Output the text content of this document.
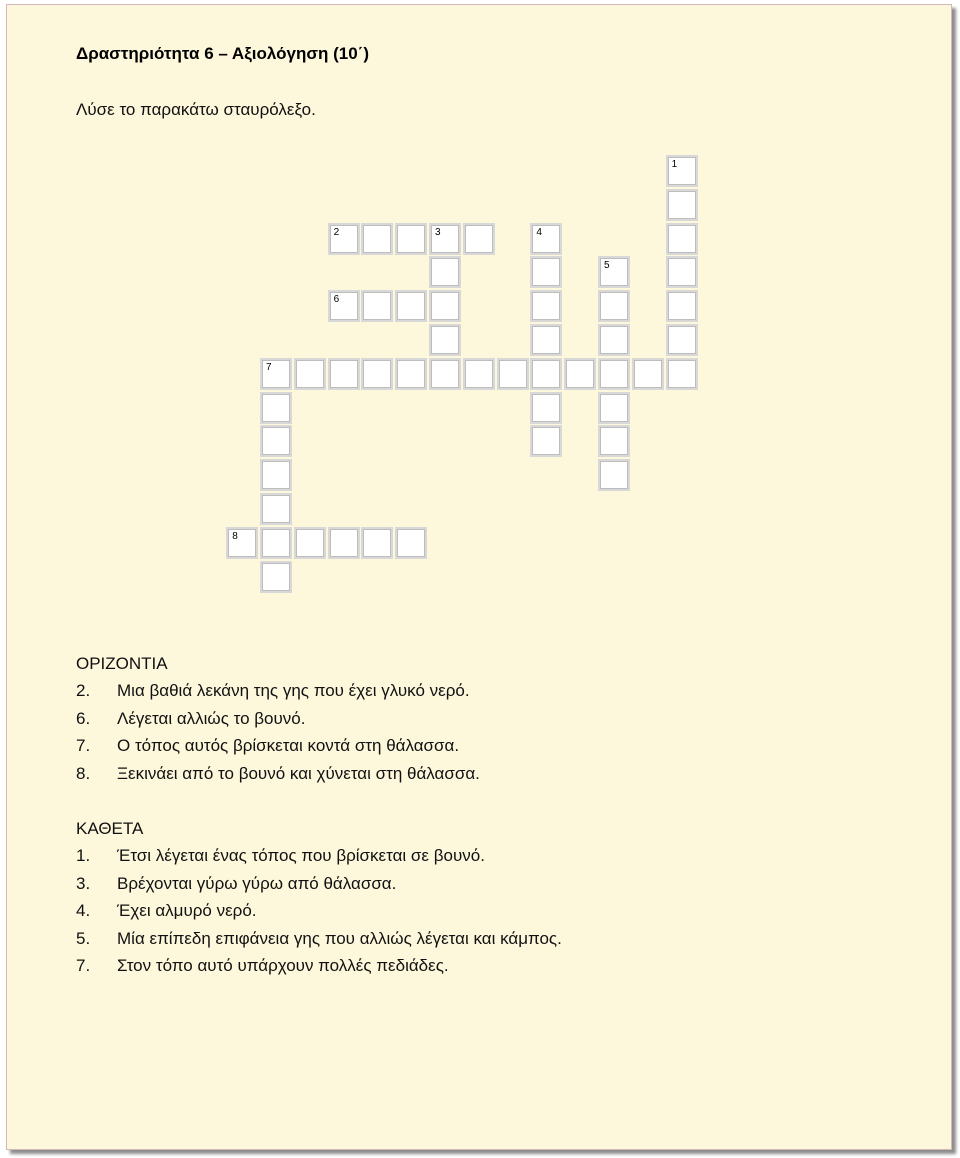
Δραστηριότητα 6 – Αξιολόγηση (10΄)
Λύσε το παρακάτω σταυρόλεξο.
1
2	3	4
5
6
7
8
ΟΡΙΖΟΝΤΙΑ
2. Μια βαθιά λεκάνη της γης που έχει γλυκό νερό.
6. Λέγεται αλλιώς το βουνό.
7. Ο τόπος αυτός βρίσκεται κοντά στη θάλασσα.
8. Ξεκινάει από το βουνό και χύνεται στη θάλασσα.
ΚΑΘΕΤΑ
1. Έτσι λέγεται ένας τόπος που βρίσκεται σε βουνό.
3. Βρέχονται γύρω γύρω από θάλασσα.
4. Έχει αλμυρό νερό.
5. Μία επίπεδη επιφάνεια γης που αλλιώς λέγεται και κάμπος.
7. Στον τόπο αυτό υπάρχουν πολλές πεδιάδες.
